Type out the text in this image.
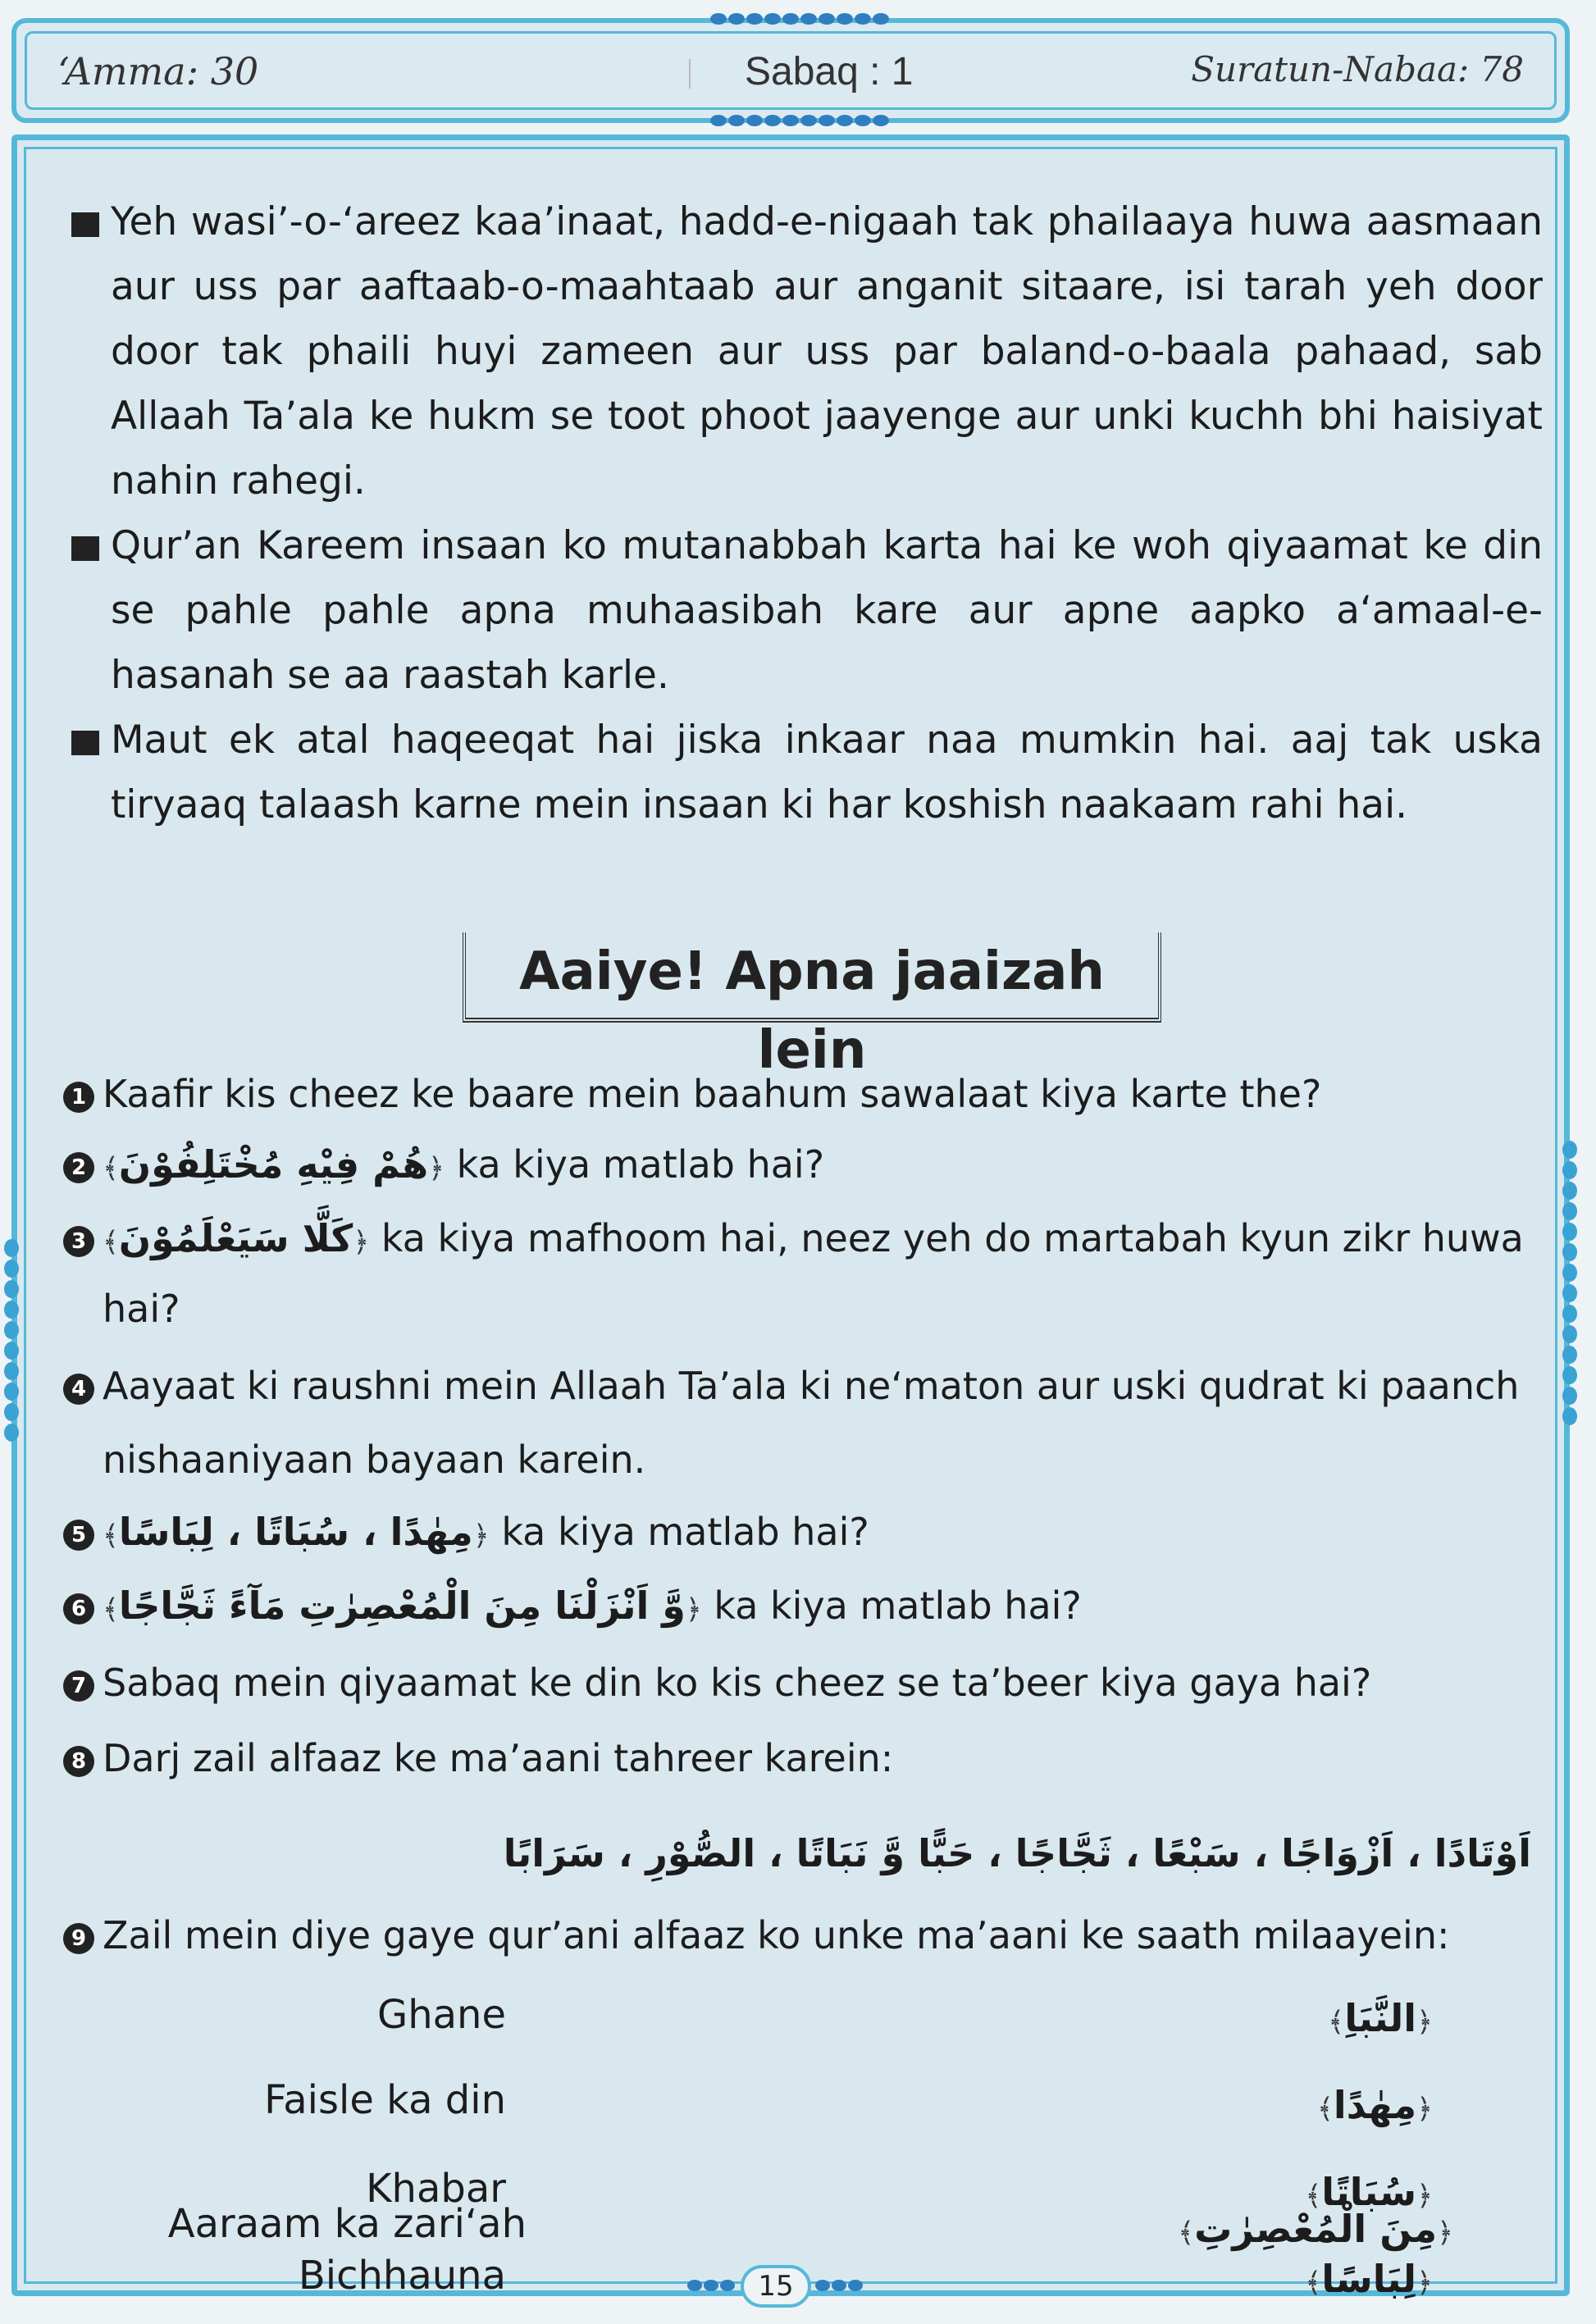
‘Amma: 30	Sabaq : 1	Suratun-Nabaa: 78
Yeh wasi’-o-‘areez kaa’inaat, hadd-e-nigaah tak phailaaya huwa aasmaan aur uss par aaftaab-o-maahtaab aur anganit sitaare, isi tarah yeh door door tak phaili huyi zameen aur uss par baland-o-baala pahaad, sab Allaah Ta’ala ke hukm se toot phoot jaayenge aur unki kuchh bhi haisiyat nahin rahegi.
Qur’an Kareem insaan ko mutanabbah karta hai ke woh qiyaamat ke din se pahle pahle apna muhaasibah kare aur apne aapko a‘amaal-e-hasanah se aa raastah karle.
Maut ek atal haqeeqat hai jiska inkaar naa mumkin hai. aaj tak uska tiryaaq talaash karne mein insaan ki har koshish naakaam rahi hai.
Aaiye! Apna jaaizah lein
1 Kaafir kis cheez ke baare mein baahum sawalaat kiya karte the?
2 ﴾هُمْ فِيْهِ مُخْتَلِفُوْنَ﴿ ka kiya matlab hai?
3 ﴾كَلَّا سَيَعْلَمُوْنَ﴿ ka kiya mafhoom hai, neez yeh do martabah kyun zikr huwa
hai?
4 Aayaat ki raushni mein Allaah Ta’ala ki ne‘maton aur uski qudrat ki paanch
nishaaniyaan bayaan karein.
5 ﴾مِهٰدًا ، سُبَاتًا ، لِبَاسًا﴿ ka kiya matlab hai?
6 ﴾وَّ اَنْزَلْنَا مِنَ الْمُعْصِرٰتِ مَآءً ثَجَّاجًا﴿ ka kiya matlab hai?
7 Sabaq mein qiyaamat ke din ko kis cheez se ta’beer kiya gaya hai?
8 Darj zail alfaaz ke ma’aani tahreer karein:
اَوْتَادًا ، اَزْوَاجًا ، سَبْعًا ، ثَجَّاجًا ، حَبًّا وَّ نَبَاتًا ، الصُّوْرِ ، سَرَابًا
9 Zail mein diye gaye qur’ani alfaaz ko unke ma’aani ke saath milaayein:
Ghane	﴾النَّبَاِ﴿
Faisle ka din	﴾مِهٰدًا﴿
Khabar	﴾سُبَاتًا﴿
Bichhauna	﴾لِبَاسًا﴿
Aaraam ka zari‘ah	﴾مِنَ الْمُعْصِرٰتِ﴿
15
